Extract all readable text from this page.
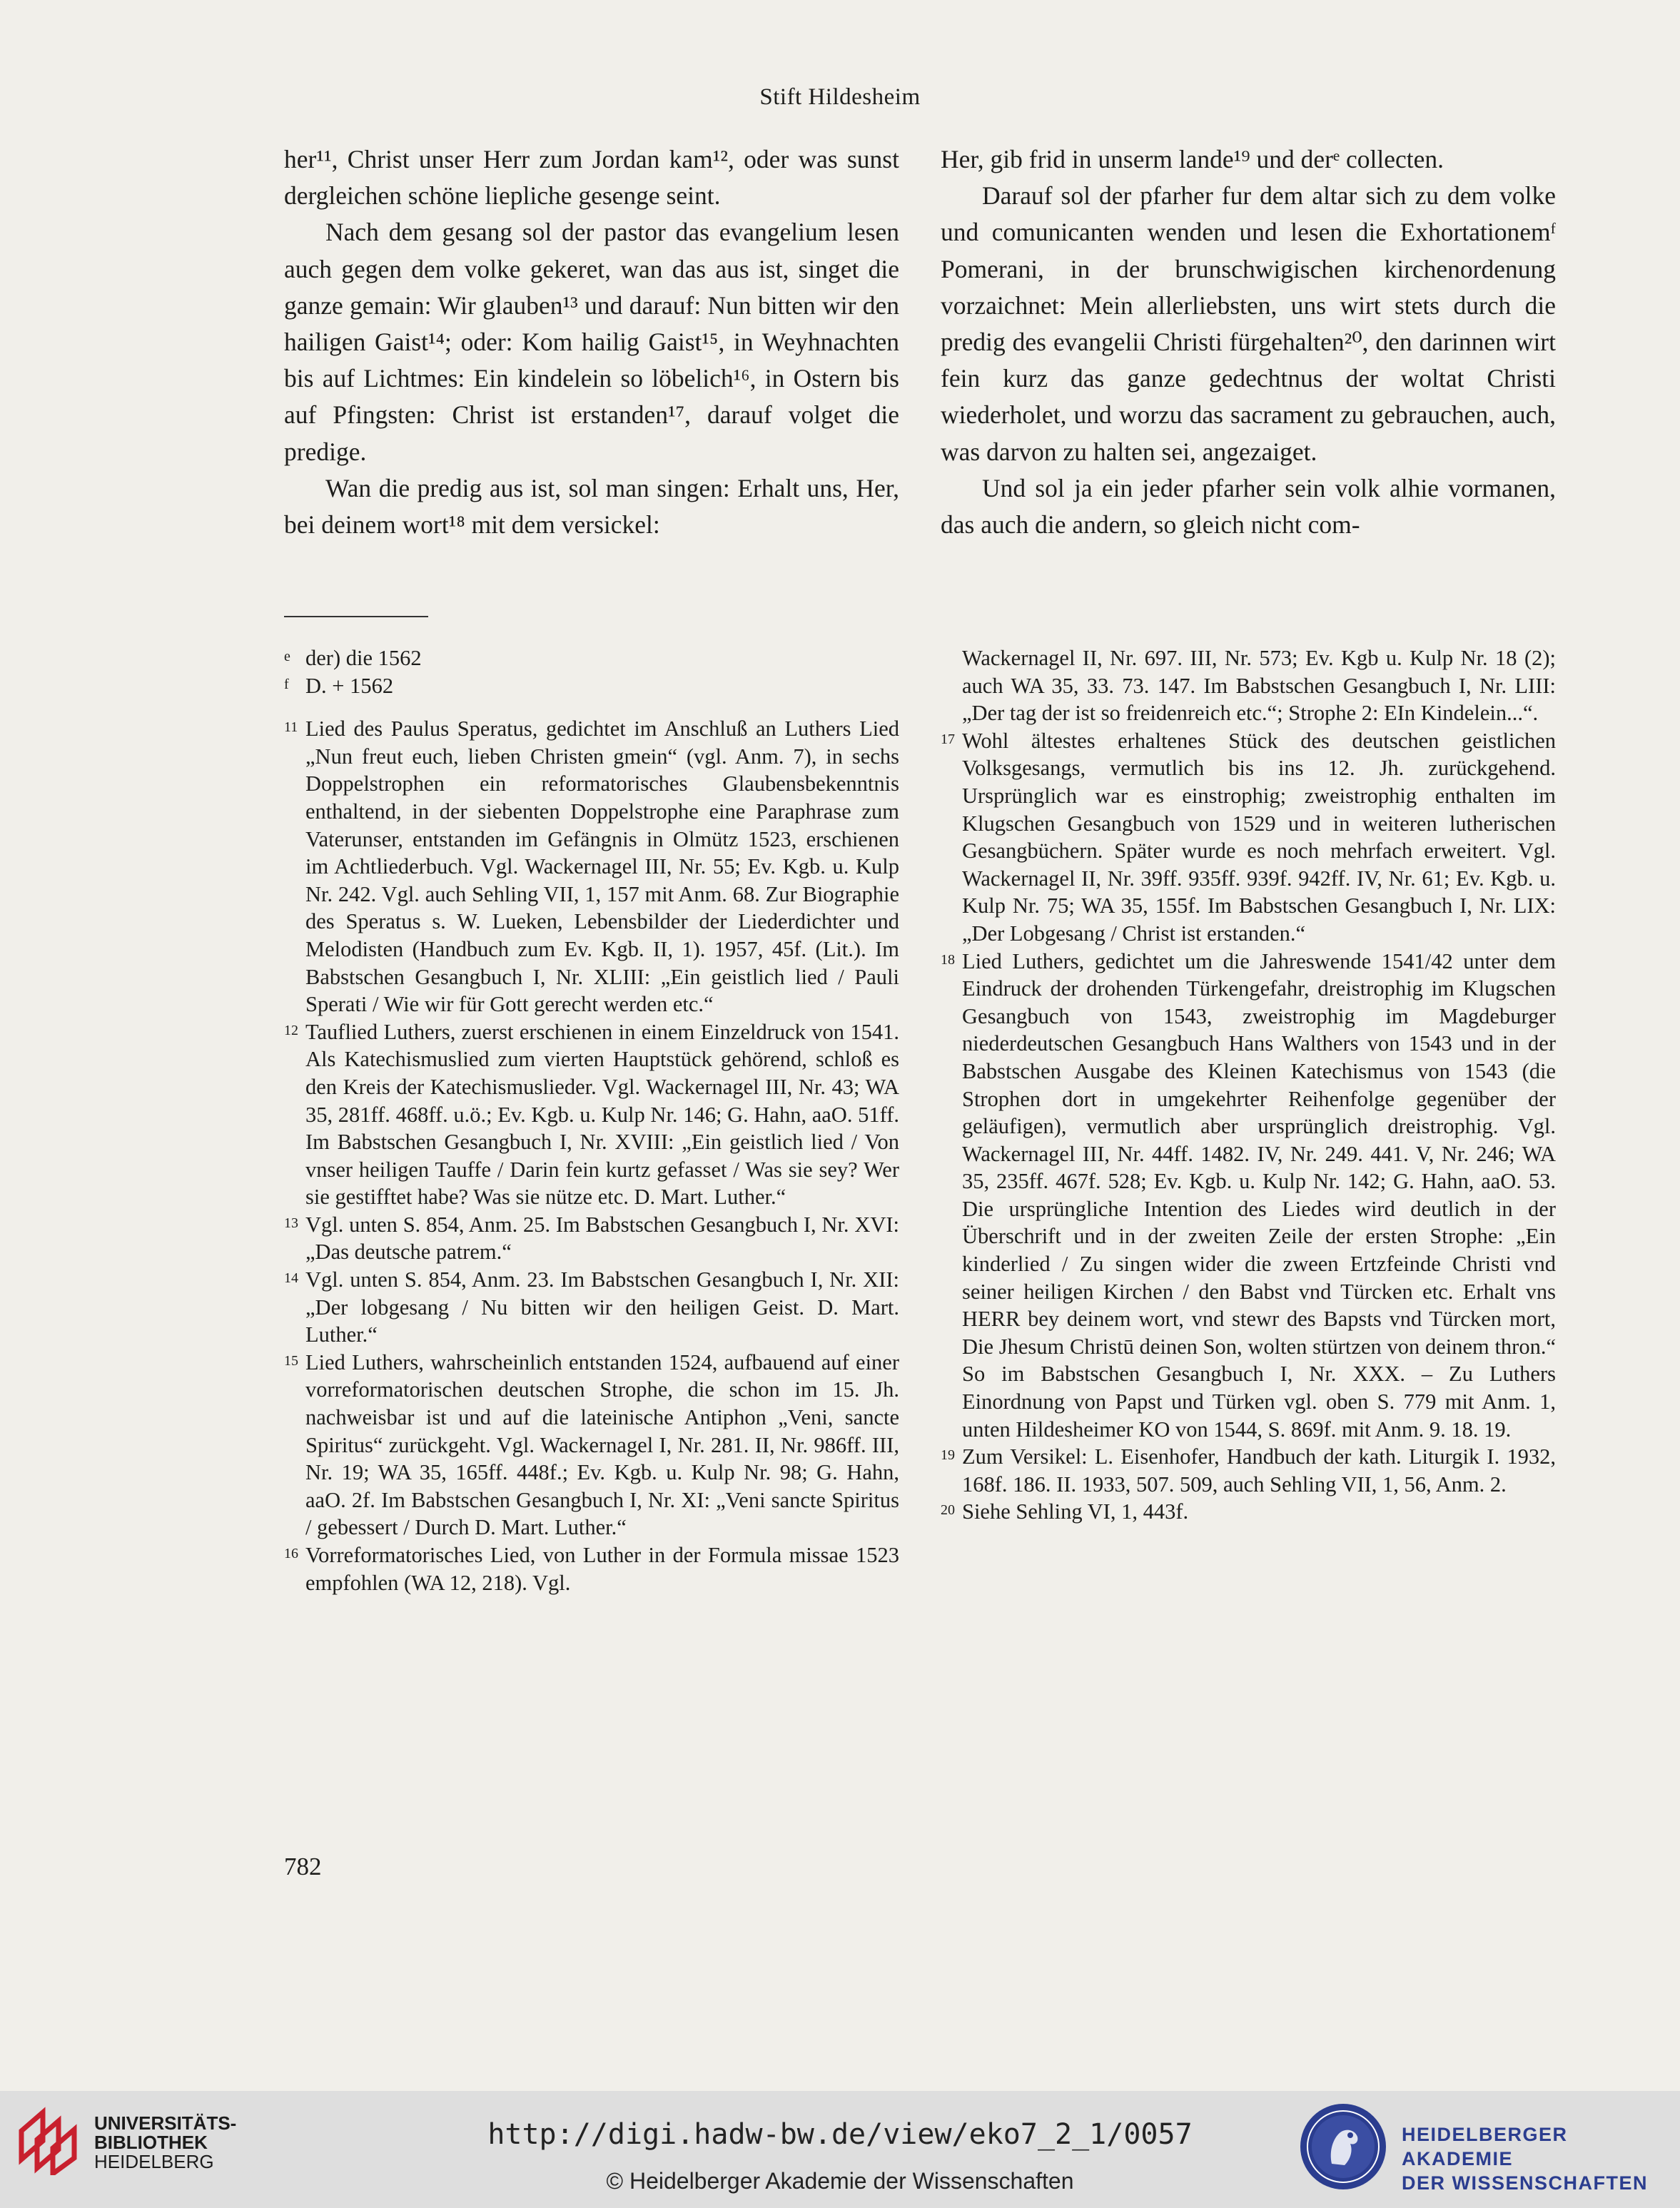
Stift Hildesheim

her¹¹, Christ unser Herr zum Jordan kam¹², oder was sunst dergleichen schöne liepliche gesenge seint.

Nach dem gesang sol der pastor das evangelium lesen auch gegen dem volke gekeret, wan das aus ist, singet die ganze gemain: Wir glauben¹³ und darauf: Nun bitten wir den hailigen Gaist¹⁴; oder: Kom hailig Gaist¹⁵, in Weyhnachten bis auf Lichtmes: Ein kindelein so löbelich¹⁶, in Ostern bis auf Pfingsten: Christ ist erstanden¹⁷, darauf volget die predige.

Wan die predig aus ist, sol man singen: Erhalt uns, Her, bei deinem wort¹⁸ mit dem versickel:

Her, gib frid in unserm lande¹⁹ und derᵉ collecten.

Darauf sol der pfarher fur dem altar sich zu dem volke und comunicanten wenden und lesen die Exhortationemᶠ Pomerani, in der brunschwigischen kirchenordenung vorzaichnet: Mein allerliebsten, uns wirt stets durch die predig des evangelii Christi fürgehalten²⁰, den darinnen wirt fein kurz das ganze gedechtnus der woltat Christi wiederholet, und worzu das sacrament zu gebrauchen, auch, was darvon zu halten sei, angezaiget.

Und sol ja ein jeder pfarher sein volk alhie vormanen, das auch die andern, so gleich nicht com-

e der) die 1562
f D. + 1562
11 Lied des Paulus Speratus, gedichtet im Anschluß an Luthers Lied „Nun freut euch, lieben Christen gmein“ (vgl. Anm. 7), in sechs Doppelstrophen ein reformatorisches Glaubensbekenntnis enthaltend, in der siebenten Doppelstrophe eine Paraphrase zum Vaterunser, entstanden im Gefängnis in Olmütz 1523, erschienen im Achtliederbuch. Vgl. Wackernagel III, Nr. 55; Ev. Kgb. u. Kulp Nr. 242. Vgl. auch Sehling VII, 1, 157 mit Anm. 68. Zur Biographie des Speratus s. W. Lueken, Lebensbilder der Liederdichter und Melodisten (Handbuch zum Ev. Kgb. II, 1). 1957, 45f. (Lit.). Im Babstschen Gesangbuch I, Nr. XLIII: „Ein geistlich lied / Pauli Sperati / Wie wir für Gott gerecht werden etc.“
12 Tauflied Luthers, zuerst erschienen in einem Einzeldruck von 1541. Als Katechismuslied zum vierten Hauptstück gehörend, schloß es den Kreis der Katechismuslieder. Vgl. Wackernagel III, Nr. 43; WA 35, 281ff. 468ff. u.ö.; Ev. Kgb. u. Kulp Nr. 146; G. Hahn, aaO. 51ff. Im Babstschen Gesangbuch I, Nr. XVIII: „Ein geistlich lied / Von vnser heiligen Tauffe / Darin fein kurtz gefasset / Was sie sey? Wer sie gestifftet habe? Was sie nütze etc. D. Mart. Luther.“
13 Vgl. unten S. 854, Anm. 25. Im Babstschen Gesangbuch I, Nr. XVI: „Das deutsche patrem.“
14 Vgl. unten S. 854, Anm. 23. Im Babstschen Gesangbuch I, Nr. XII: „Der lobgesang / Nu bitten wir den heiligen Geist. D. Mart. Luther.“
15 Lied Luthers, wahrscheinlich entstanden 1524, aufbauend auf einer vorreformatorischen deutschen Strophe, die schon im 15. Jh. nachweisbar ist und auf die lateinische Antiphon „Veni, sancte Spiritus“ zurückgeht. Vgl. Wackernagel I, Nr. 281. II, Nr. 986ff. III, Nr. 19; WA 35, 165ff. 448f.; Ev. Kgb. u. Kulp Nr. 98; G. Hahn, aaO. 2f. Im Babstschen Gesangbuch I, Nr. XI: „Veni sancte Spiritus / gebessert / Durch D. Mart. Luther.“
16 Vorreformatorisches Lied, von Luther in der Formula missae 1523 empfohlen (WA 12, 218). Vgl.
Wackernagel II, Nr. 697. III, Nr. 573; Ev. Kgb u. Kulp Nr. 18 (2); auch WA 35, 33. 73. 147. Im Babstschen Gesangbuch I, Nr. LIII: „Der tag der ist so freidenreich etc.“; Strophe 2: EIn Kindelein...“.
17 Wohl ältestes erhaltenes Stück des deutschen geistlichen Volksgesangs, vermutlich bis ins 12. Jh. zurückgehend. Ursprünglich war es einstrophig; zweistrophig enthalten im Klugschen Gesangbuch von 1529 und in weiteren lutherischen Gesangbüchern. Später wurde es noch mehrfach erweitert. Vgl. Wackernagel II, Nr. 39ff. 935ff. 939f. 942ff. IV, Nr. 61; Ev. Kgb. u. Kulp Nr. 75; WA 35, 155f. Im Babstschen Gesangbuch I, Nr. LIX: „Der Lobgesang / Christ ist erstanden.“
18 Lied Luthers, gedichtet um die Jahreswende 1541/42 unter dem Eindruck der drohenden Türkengefahr, dreistrophig im Klugschen Gesangbuch von 1543, zweistrophig im Magdeburger niederdeutschen Gesangbuch Hans Walthers von 1543 und in der Babstschen Ausgabe des Kleinen Katechismus von 1543 (die Strophen dort in umgekehrter Reihenfolge gegenüber der geläufigen), vermutlich aber ursprünglich dreistrophig. Vgl. Wackernagel III, Nr. 44ff. 1482. IV, Nr. 249. 441. V, Nr. 246; WA 35, 235ff. 467f. 528; Ev. Kgb. u. Kulp Nr. 142; G. Hahn, aaO. 53. Die ursprüngliche Intention des Liedes wird deutlich in der Überschrift und in der zweiten Zeile der ersten Strophe: „Ein kinderlied / Zu singen wider die zween Ertzfeinde Christi vnd seiner heiligen Kirchen / den Babst vnd Türcken etc. Erhalt vns HERR bey deinem wort, vnd stewr des Bapsts vnd Türcken mort, Die Jhesum Christū deinen Son, wolten stürtzen von deinem thron.“ So im Babstschen Gesangbuch I, Nr. XXX. – Zu Luthers Einordnung von Papst und Türken vgl. oben S. 779 mit Anm. 1, unten Hildesheimer KO von 1544, S. 869f. mit Anm. 9. 18. 19.
19 Zum Versikel: L. Eisenhofer, Handbuch der kath. Liturgik I. 1932, 168f. 186. II. 1933, 507. 509, auch Sehling VII, 1, 56, Anm. 2.
20 Siehe Sehling VI, 1, 443f.
782
UNIVERSITÄTS-
BIBLIOTHEK
HEIDELBERG
http://digi.hadw-bw.de/view/eko7_2_1/0057
© Heidelberger Akademie der Wissenschaften
HEIDELBERGER AKADEMIE
DER WISSENSCHAFTEN
